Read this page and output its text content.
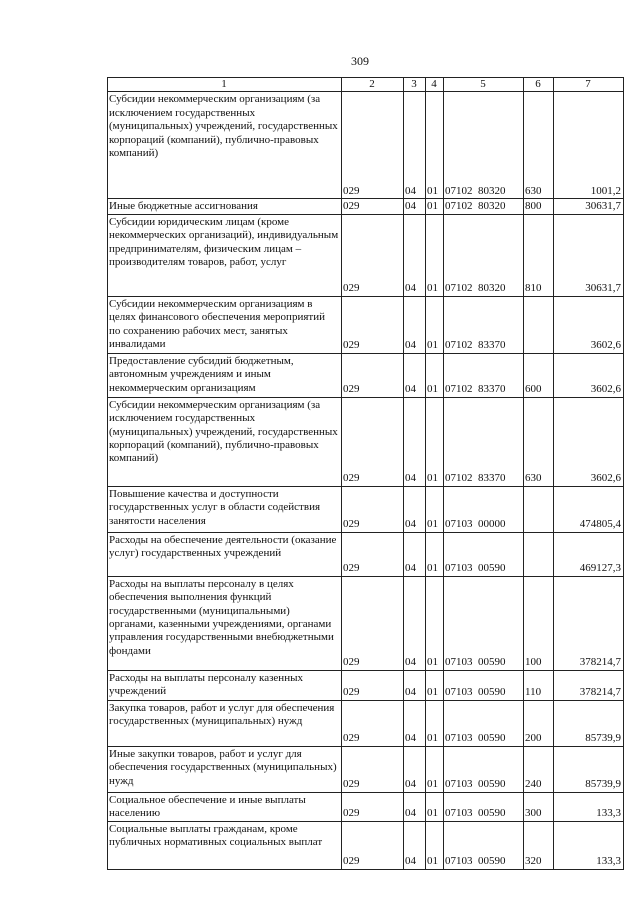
309
1	2	3	4	5	6	7
Субсидии некоммерческим организациям (за исключением государственных (муниципальных) учреждений, государственных корпораций (компаний), публично-правовых компаний)	029	04	01	07102  80320	630	1001,2
Иные бюджетные ассигнования	029	04	01	07102  80320	800	30631,7
Субсидии юридическим лицам (кроме некоммерческих организаций), индивидуальным предпринимателям, физическим лицам – производителям товаров, работ, услуг	029	04	01	07102  80320	810	30631,7
Субсидии некоммерческим организациям в целях финансового обеспечения мероприятий по сохранению рабочих мест, занятых инвалидами	029	04	01	07102  83370		3602,6
Предоставление субсидий бюджетным, автономным учреждениям и иным некоммерческим организациям	029	04	01	07102  83370	600	3602,6
Субсидии некоммерческим организациям (за исключением государственных (муниципальных) учреждений, государственных корпораций (компаний), публично-правовых компаний)	029	04	01	07102  83370	630	3602,6
Повышение качества и доступности государственных услуг в области содействия занятости населения	029	04	01	07103  00000		474805,4
Расходы на обеспечение деятельности (оказание услуг) государственных учреждений	029	04	01	07103  00590		469127,3
Расходы на выплаты персоналу в целях обеспечения выполнения функций государственными (муниципальными) органами, казенными учреждениями, органами управления государственными внебюджетными фондами	029	04	01	07103  00590	100	378214,7
Расходы на выплаты персоналу казенных учреждений	029	04	01	07103  00590	110	378214,7
Закупка товаров, работ и услуг для обеспечения государственных (муниципальных) нужд	029	04	01	07103  00590	200	85739,9
Иные закупки товаров, работ и услуг для обеспечения государственных (муниципальных) нужд	029	04	01	07103  00590	240	85739,9
Социальное обеспечение и иные выплаты населению	029	04	01	07103  00590	300	133,3
Социальные выплаты гражданам, кроме публичных нормативных социальных выплат	029	04	01	07103  00590	320	133,3
